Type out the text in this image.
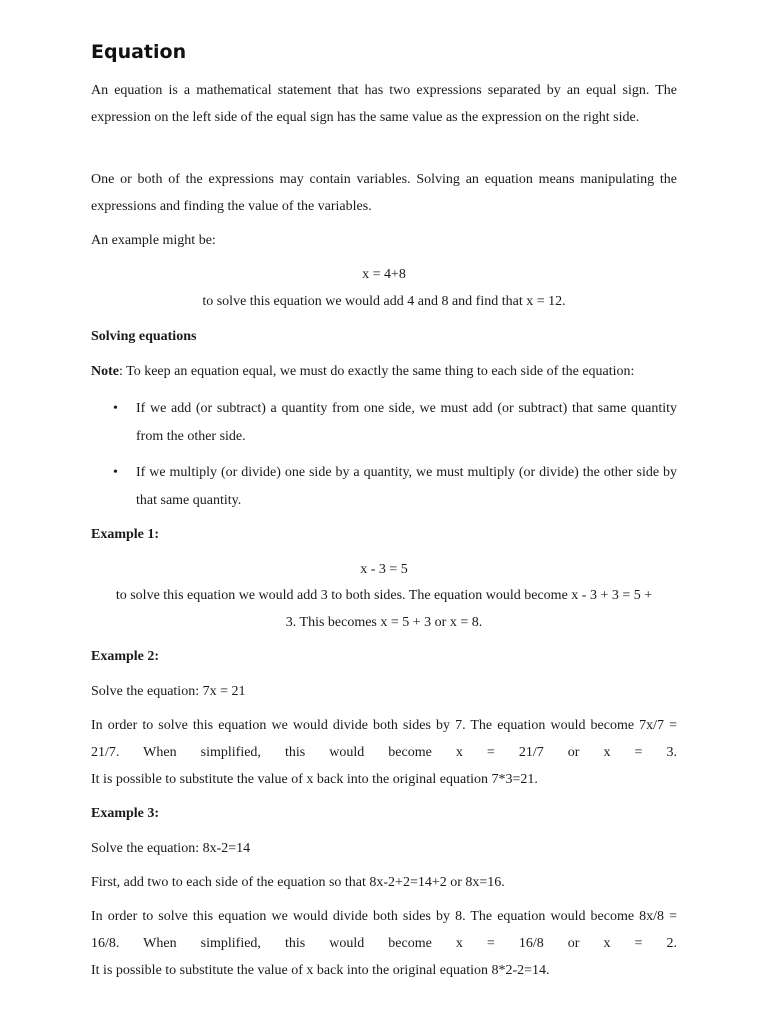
Equation

An equation is a mathematical statement that has two expressions separated by an equal sign. The expression on the left side of the equal sign has the same value as the expression on the right side.

One or both of the expressions may contain variables. Solving an equation means manipulating the expressions and finding the value of the variables.

An example might be:

x = 4+8

to solve this equation we would add 4 and 8 and find that x = 12.

Solving equations

Note: To keep an equation equal, we must do exactly the same thing to each side of the equation:

•	If we add (or subtract) a quantity from one side, we must add (or subtract) that same quantity from the other side.
•	If we multiply (or divide) one side by a quantity, we must multiply (or divide) the other side by that same quantity.

Example 1:

x - 3 = 5

to solve this equation we would add 3 to both sides. The equation would become x - 3 + 3 = 5 +

3. This becomes x = 5 + 3 or x = 8.

Example 2:

Solve the equation: 7x = 21

In order to solve this equation we would divide both sides by 7. The equation would become 7x/7 = 21/7. When simplified, this would become x = 21/7 or x = 3.

It is possible to substitute the value of x back into the original equation 7*3=21.

Example 3:

Solve the equation: 8x-2=14

First, add two to each side of the equation so that 8x-2+2=14+2 or 8x=16.

In order to solve this equation we would divide both sides by 8. The equation would become 8x/8 = 16/8. When simplified, this would become x = 16/8 or x = 2.

It is possible to substitute the value of x back into the original equation 8*2-2=14.
